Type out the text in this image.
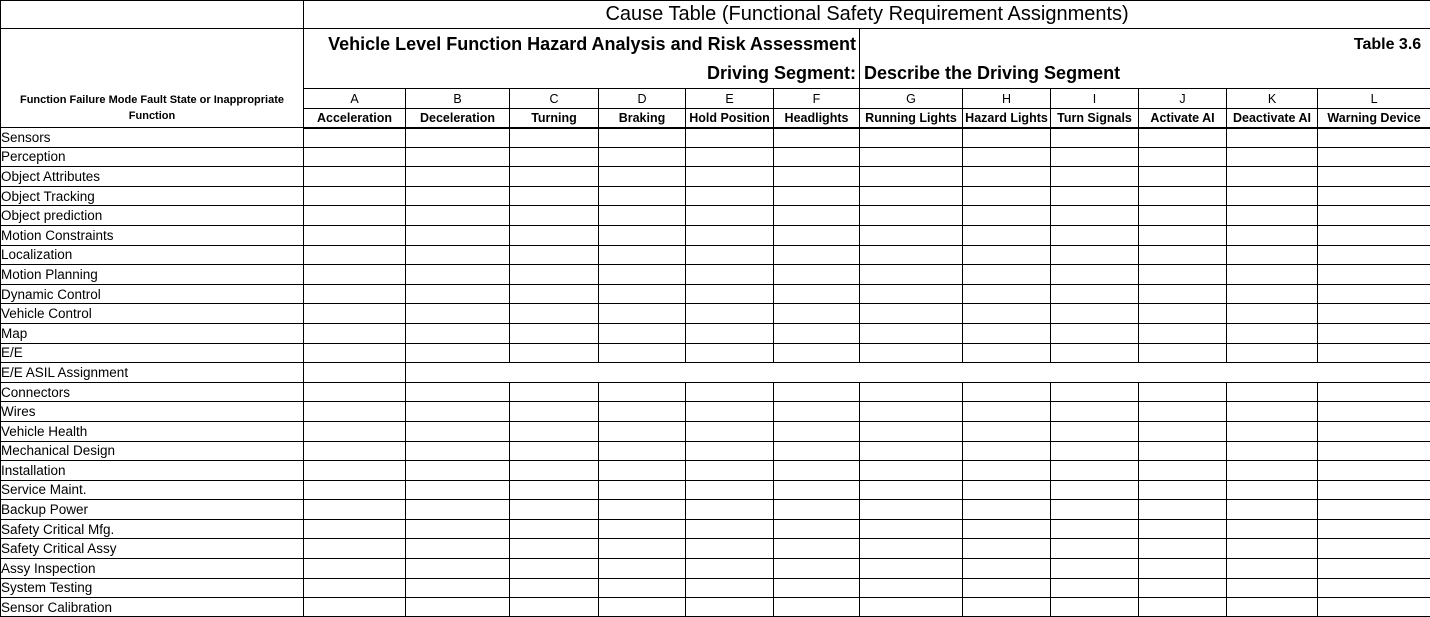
	Cause Table (Functional Safety Requirement Assignments)											

Function Failure Mode Fault State or Inappropriate Function

Vehicle Level Function Hazard Analysis and Risk Assessment
Driving Segment:

Table 3.6
Describe the Driving Segment

	A	B	C	D	E	F	G	H	I	J	K	L
	Acceleration	Deceleration	Turning	Braking	Hold Position	Headlights	Running Lights	Hazard Lights	Turn Signals	Activate AI	Deactivate AI	Warning Device
Sensors												
Perception												
Object Attributes												
Object Tracking												
Object prediction												
Motion Constraints												
Localization												
Motion Planning												
Dynamic Control												
Vehicle Control												
Map												
E/E												
E/E ASIL Assignment												
Connectors												
Wires												
Vehicle Health												
Mechanical Design												
Installation												
Service Maint.												
Backup Power												
Safety Critical Mfg.												
Safety Critical Assy												
Assy Inspection												
System Testing												
Sensor Calibration												
